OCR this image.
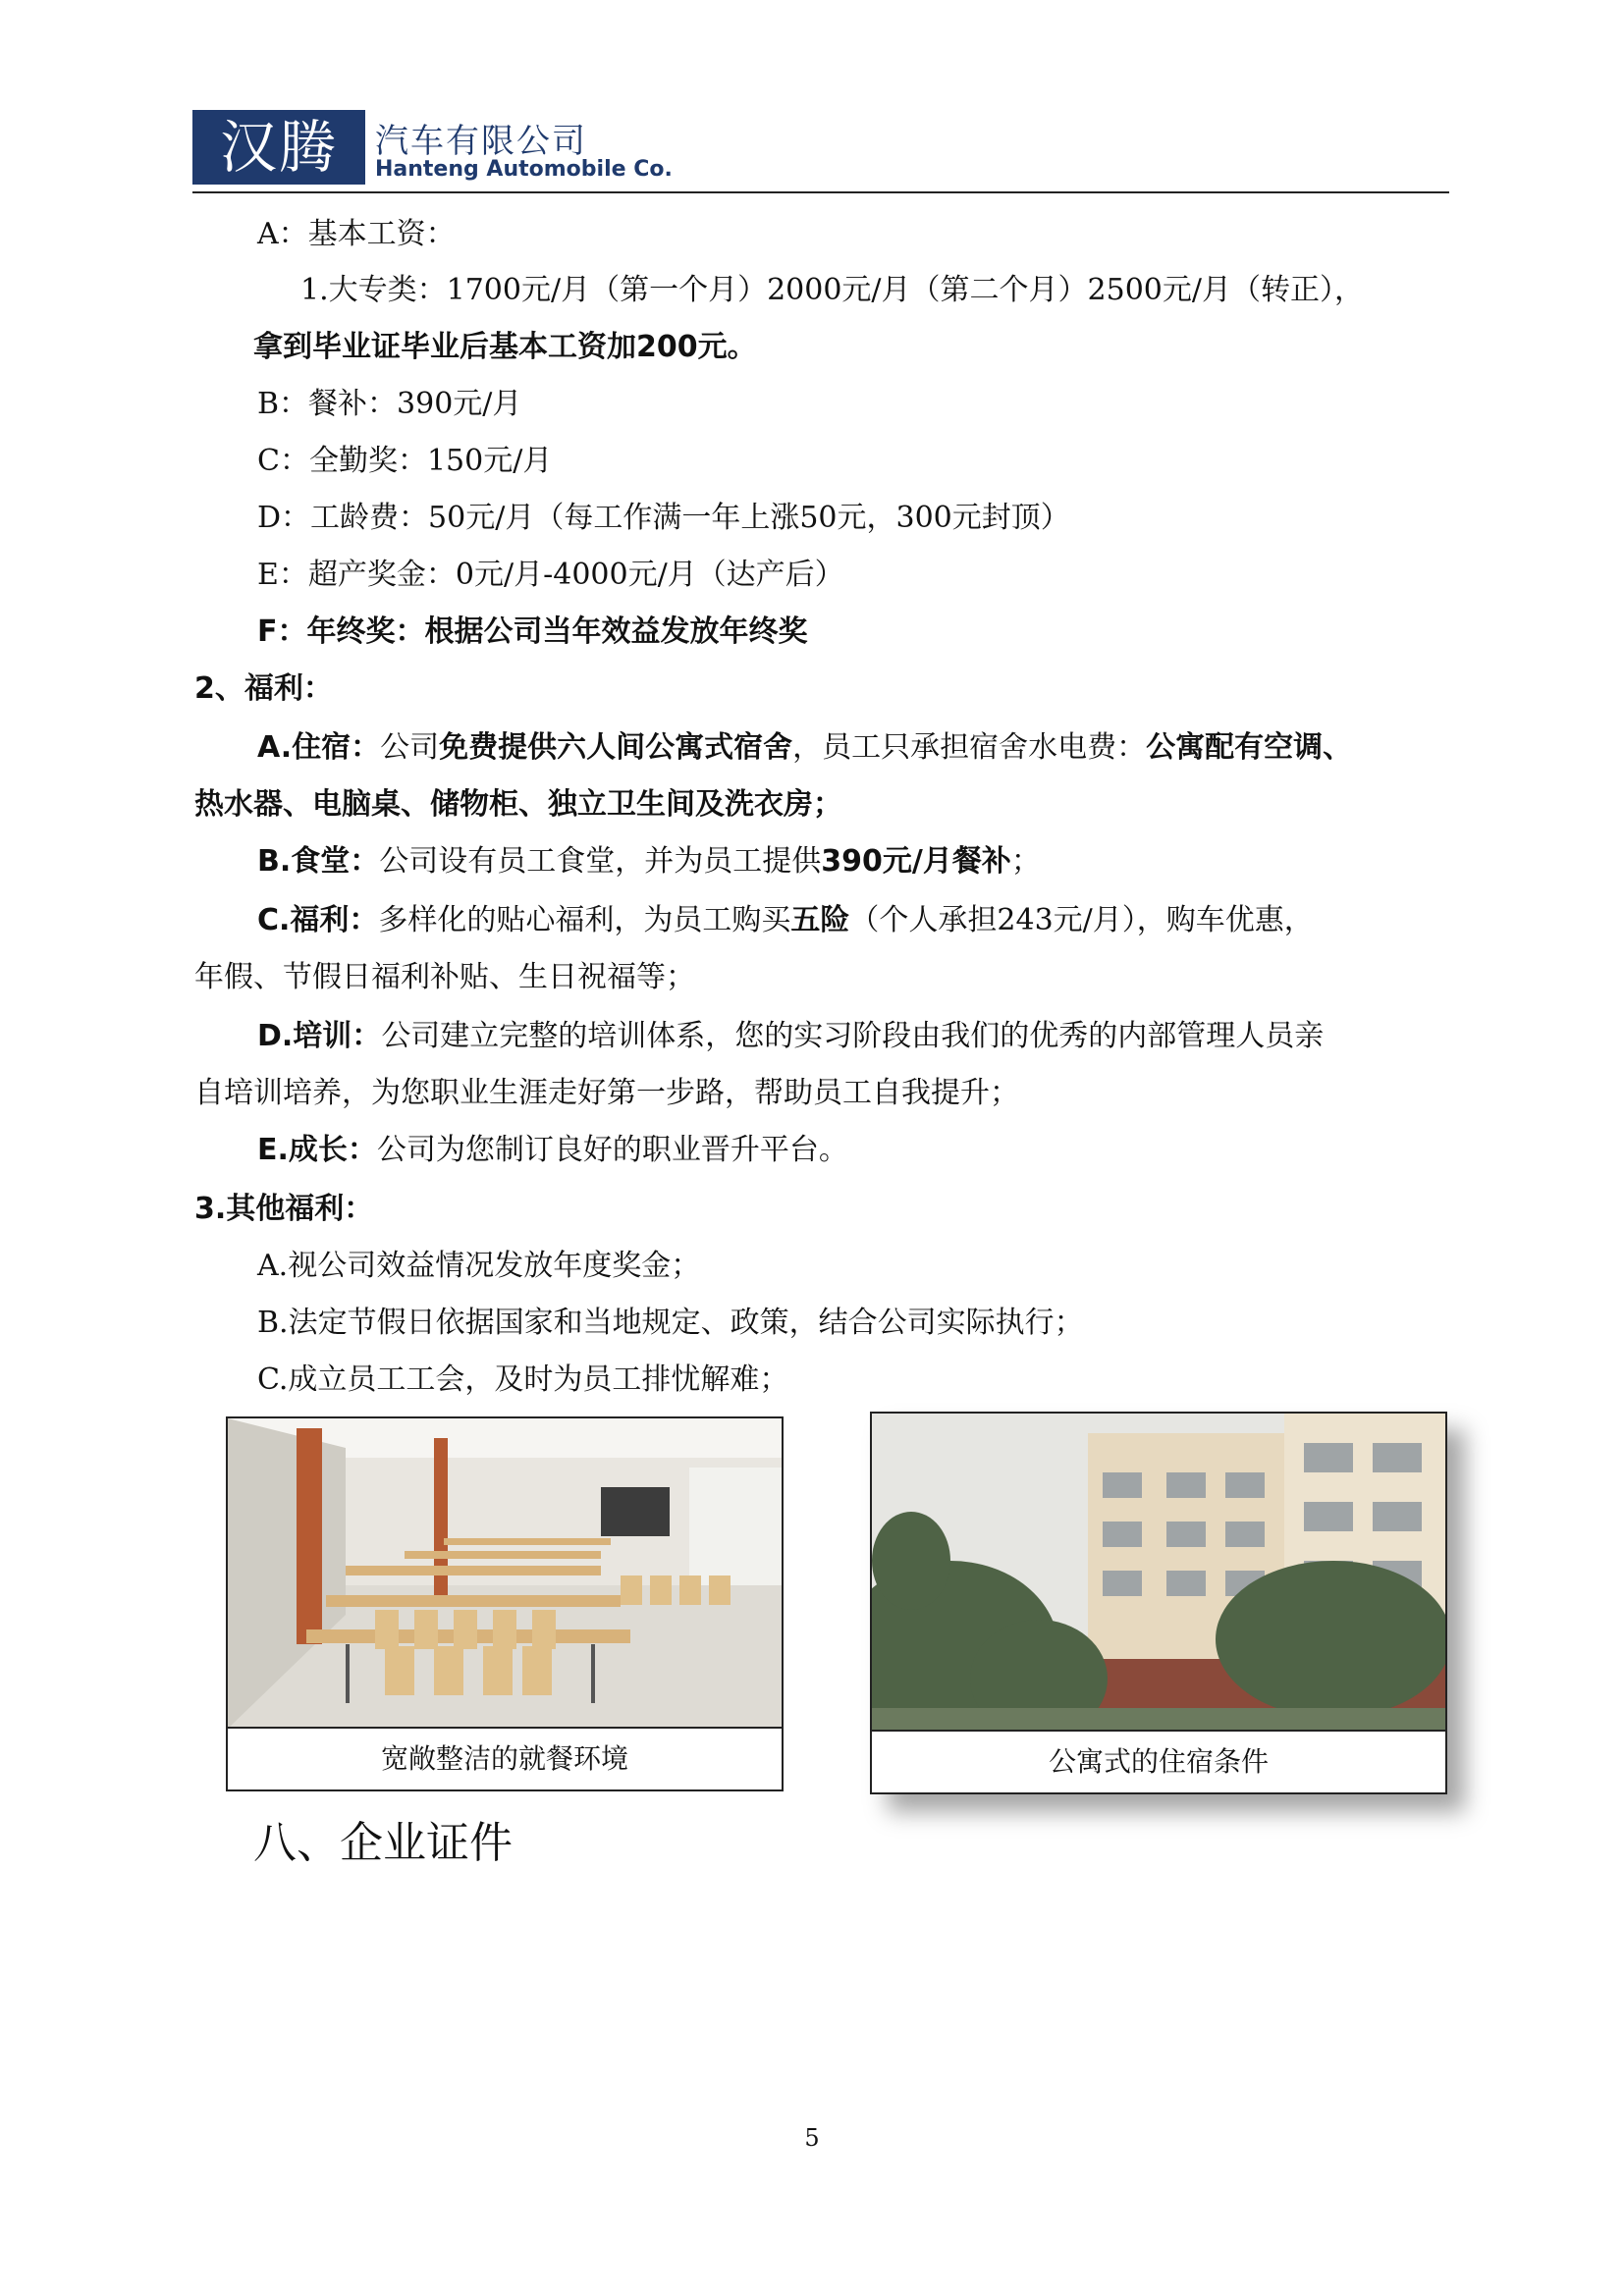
汉腾	汽车有限公司
Hanteng Automobile Co.
A：基本工资：
1.大专类：1700元/月（第一个月）2000元/月（第二个月）2500元/月（转正），
拿到毕业证毕业后基本工资加200元。
B：餐补：390元/月
C：全勤奖：150元/月
D：工龄费：50元/月（每工作满一年上涨50元，300元封顶）
E：超产奖金：0元/月-4000元/月（达产后）
F：年终奖：根据公司当年效益发放年终奖
2、福利：
A.住宿：公司免费提供六人间公寓式宿舍，员工只承担宿舍水电费：公寓配有空调、
热水器、电脑桌、储物柜、独立卫生间及洗衣房；
B.食堂：公司设有员工食堂，并为员工提供390元/月餐补；
C.福利：多样化的贴心福利，为员工购买五险（个人承担243元/月），购车优惠，
年假、节假日福利补贴、生日祝福等；
D.培训：公司建立完整的培训体系，您的实习阶段由我们的优秀的内部管理人员亲
自培训培养，为您职业生涯走好第一步路，帮助员工自我提升；
E.成长：公司为您制订良好的职业晋升平台。
3.其他福利：
A.视公司效益情况发放年度奖金；
B.法定节假日依据国家和当地规定、政策，结合公司实际执行；
C.成立员工工会，及时为员工排忧解难；
宽敞整洁的就餐环境	公寓式的住宿条件
八、企业证件
5
